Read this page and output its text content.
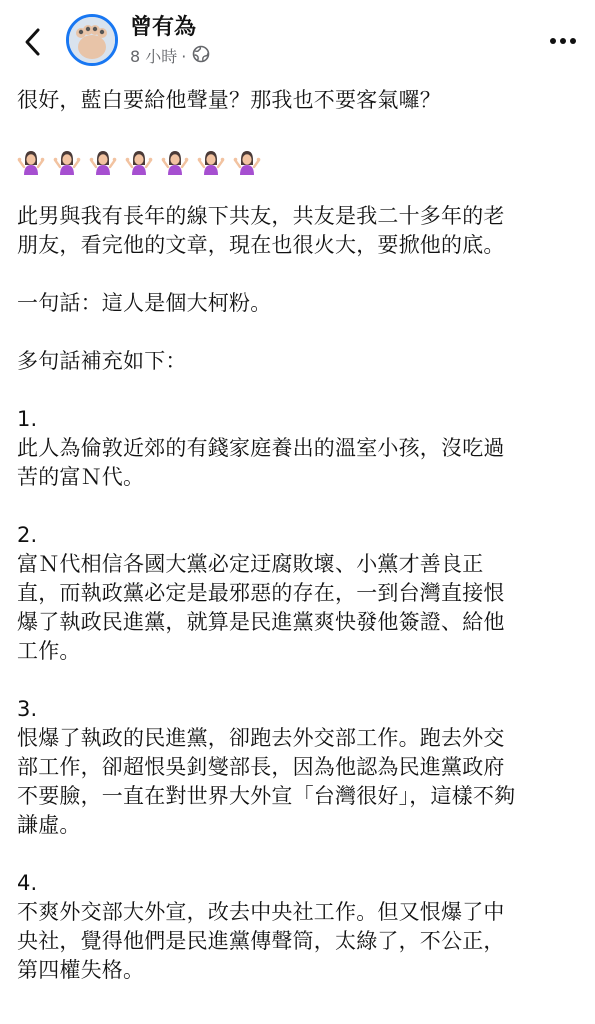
曾有為
8 小時 ·
很好，藍白要給他聲量？那我也不要客氣囉？
此男與我有長年的線下共友，共友是我二十多年的老
朋友，看完他的文章，現在也很火大，要掀他的底。
一句話：這人是個大柯粉。
多句話補充如下：
1.
此人為倫敦近郊的有錢家庭養出的溫室小孩，沒吃過
苦的富Ｎ代。
2.
富Ｎ代相信各國大黨必定迂腐敗壞、小黨才善良正
直，而執政黨必定是最邪惡的存在，一到台灣直接恨
爆了執政民進黨，就算是民進黨爽快發他簽證、給他
工作。
3.
恨爆了執政的民進黨，卻跑去外交部工作。跑去外交
部工作，卻超恨吳釗燮部長，因為他認為民進黨政府
不要臉，一直在對世界大外宣「台灣很好」，這樣不夠
謙虛。
4.
不爽外交部大外宣，改去中央社工作。但又恨爆了中
央社，覺得他們是民進黨傳聲筒，太綠了，不公正，
第四權失格。
